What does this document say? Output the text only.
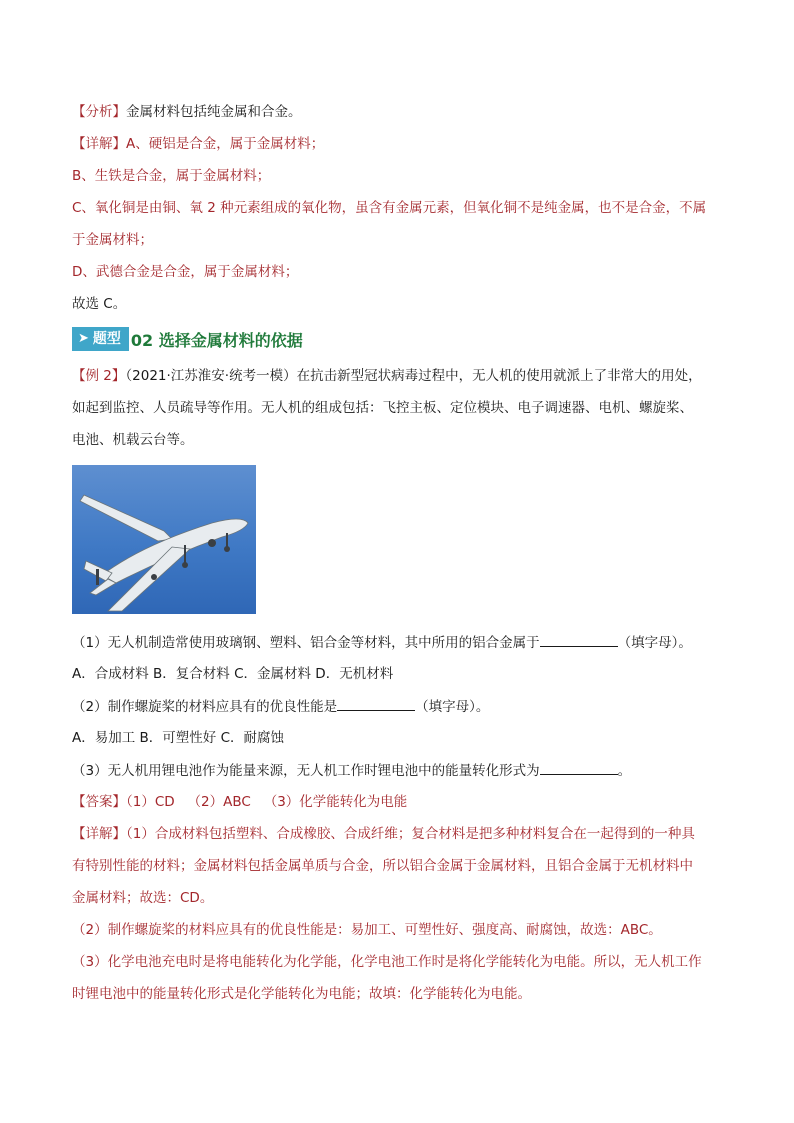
【分析】金属材料包括纯金属和合金。
【详解】A、硬铝是合金，属于金属材料；
B、生铁是合金，属于金属材料；
C、氧化铜是由铜、氧 2 种元素组成的氧化物，虽含有金属元素，但氧化铜不是纯金属，也不是合金，不属
于金属材料；
D、武德合金是合金，属于金属材料；
故选 C。
➤ 题型 02 选择金属材料的依据
【例 2】（2021·江苏淮安·统考一模）在抗击新型冠状病毒过程中，无人机的使用就派上了非常大的用处，
如起到监控、人员疏导等作用。无人机的组成包括：飞控主板、定位模块、电子调速器、电机、螺旋桨、
电池、机载云台等。
（1）无人机制造常使用玻璃钢、塑料、铝合金等材料，其中所用的铝合金属于	（填字母）。
A．合成材料 B．复合材料 C．金属材料 D．无机材料
（2）制作螺旋桨的材料应具有的优良性能是	（填字母）。
A．易加工 B．可塑性好 C．耐腐蚀
（3）无人机用锂电池作为能量来源，无人机工作时锂电池中的能量转化形式为	。
【答案】（1）CD （2）ABC （3）化学能转化为电能
【详解】（1）合成材料包括塑料、合成橡胶、合成纤维；复合材料是把多种材料复合在一起得到的一种具
有特别性能的材料；金属材料包括金属单质与合金，所以铝合金属于金属材料，且铝合金属于无机材料中
金属材料；故选：CD。
（2）制作螺旋桨的材料应具有的优良性能是：易加工、可塑性好、强度高、耐腐蚀，故选：ABC。
（3）化学电池充电时是将电能转化为化学能，化学电池工作时是将化学能转化为电能。所以，无人机工作
时锂电池中的能量转化形式是化学能转化为电能；故填：化学能转化为电能。
